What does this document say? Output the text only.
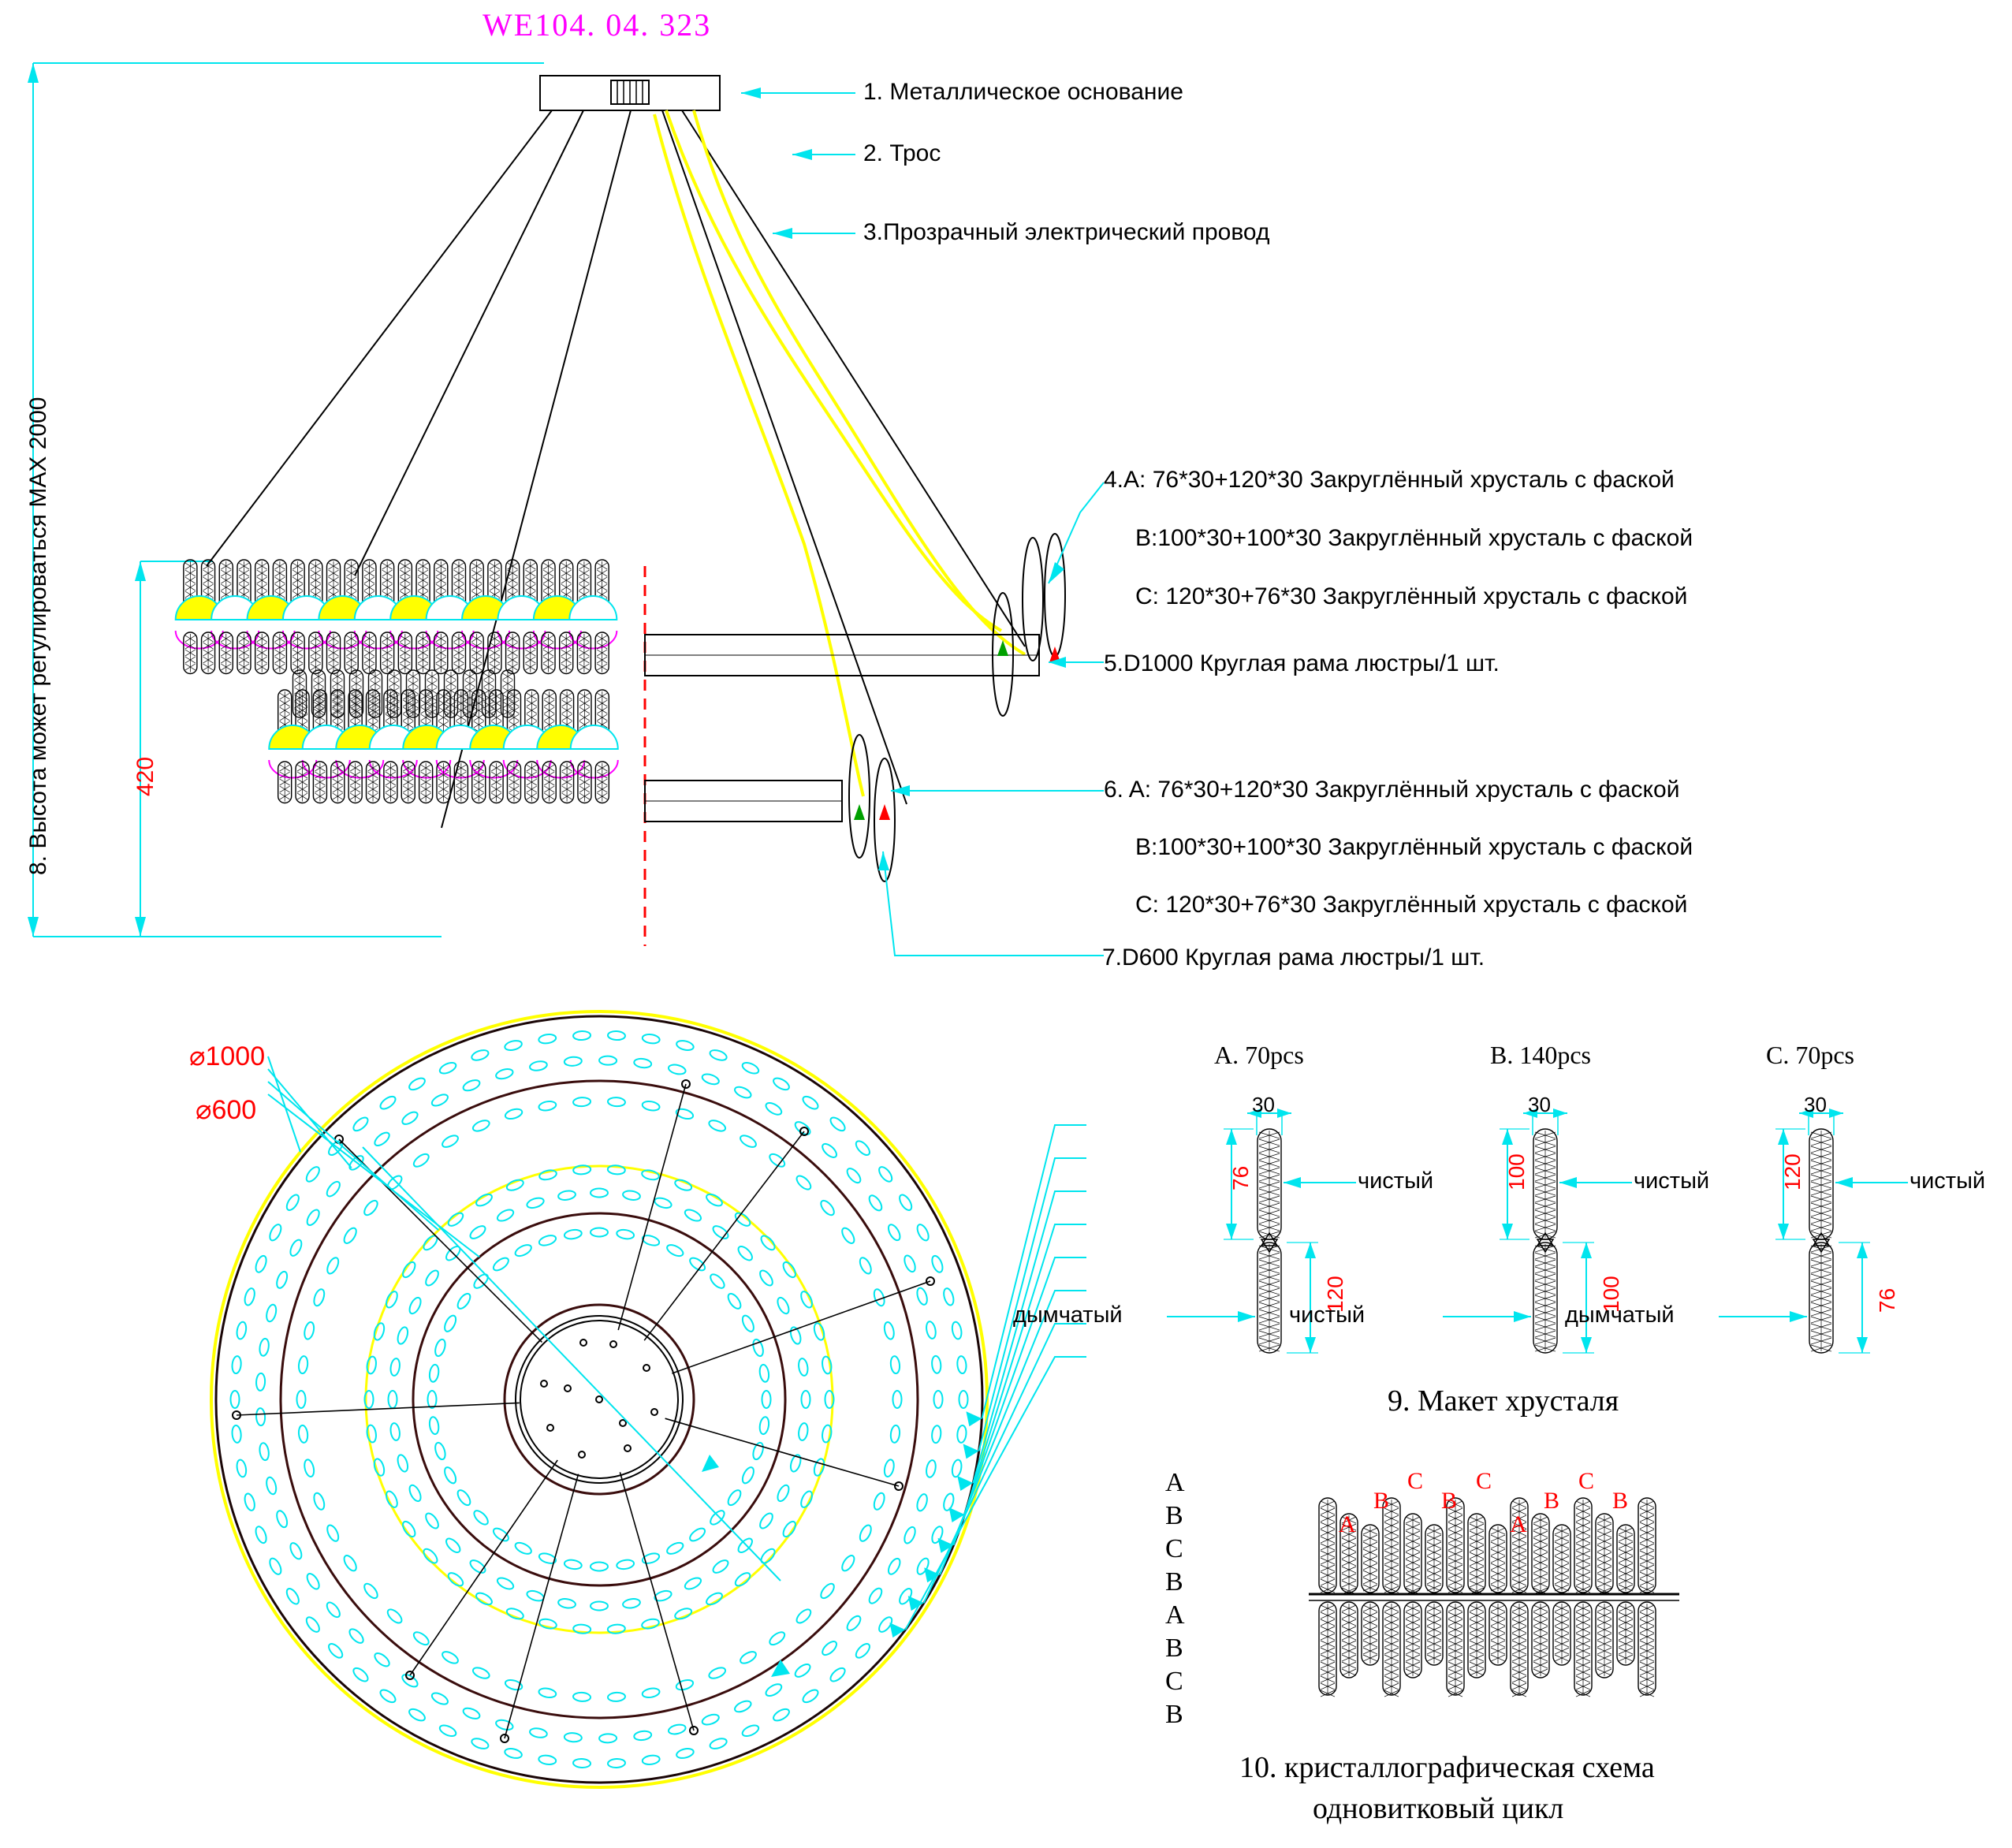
WE104. 04. 323
1. Металлическое основание
2. Трос
3.Прозрачный электрический провод
4.A: 76*30+120*30 Закруглённый хрусталь с фаской
B:100*30+100*30 Закруглённый хрусталь с фаской
C: 120*30+76*30 Закруглённый хрусталь с фаской
5.D1000 Круглая рама люстры/1 шт.
6. A: 76*30+120*30 Закруглённый хрусталь с фаской
B:100*30+100*30 Закруглённый хрусталь с фаской
C: 120*30+76*30 Закруглённый хрусталь с фаской
7.D600 Круглая рама люстры/1 шт.
8. Высота может регулироваться MAX 2000	420
⌀1000
⌀600
A
B
C
B
A
B
C
B
A. 70pcs
30
76
120
чистый
дымчатый
B. 140pcs
30
100
100
чистый
чистый
C. 70pcs
30
120
76
чистый
дымчатый
9. Макет хрусталя
A
B
C
B
C
A
B
C
B
10. кристаллографическая схема
одновитковый цикл
